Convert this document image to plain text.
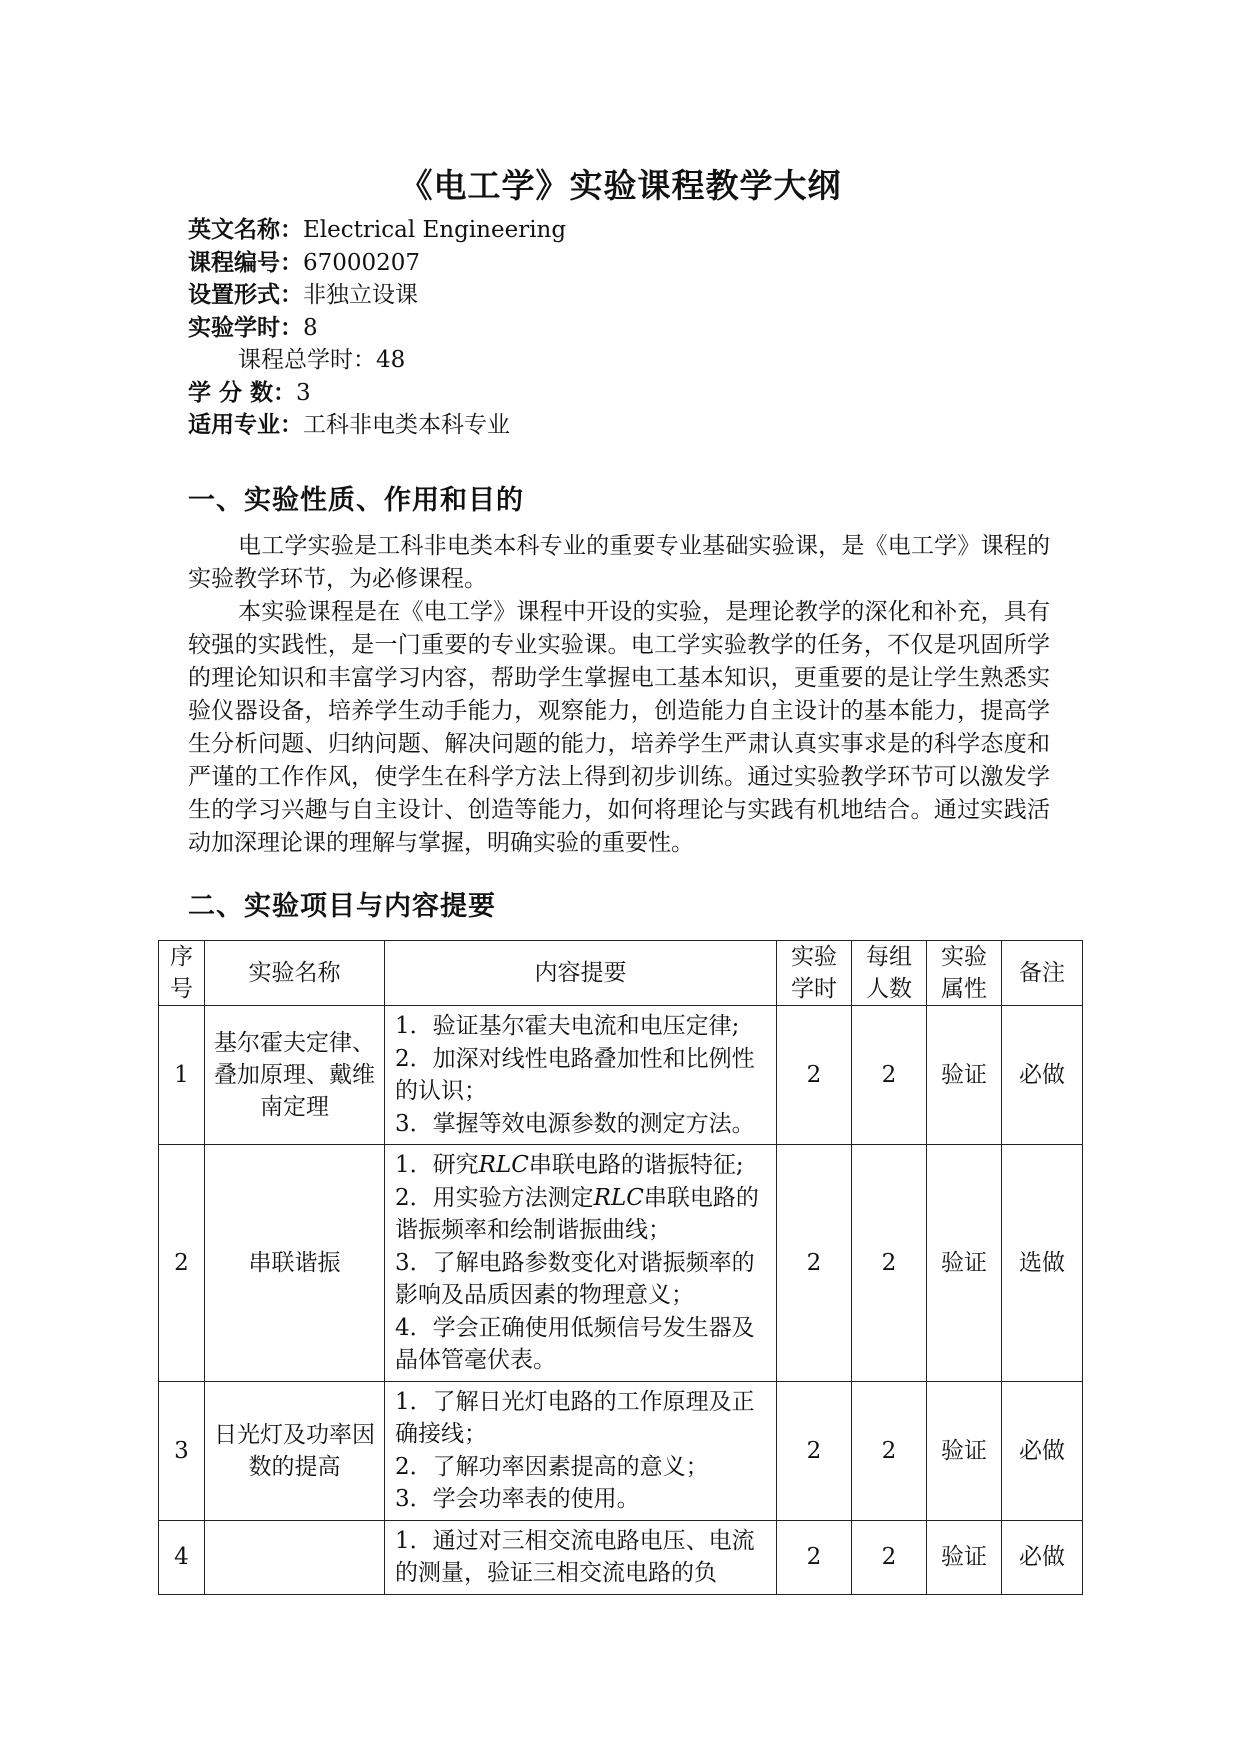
《电工学》实验课程教学大纲
英文名称：Electrical Engineering
课程编号：67000207
设置形式：非独立设课
实验学时：8
课程总学时：48
学 分 数：3
适用专业：工科非电类本科专业
一、实验性质、作用和目的

电工学实验是工科非电类本科专业的重要专业基础实验课，是《电工学》课程的实验教学环节，为必修课程。

本实验课程是在《电工学》课程中开设的实验，是理论教学的深化和补充，具有较强的实践性，是一门重要的专业实验课。电工学实验教学的任务，不仅是巩固所学的理论知识和丰富学习内容，帮助学生掌握电工基本知识，更重要的是让学生熟悉实验仪器设备，培养学生动手能力，观察能力，创造能力自主设计的基本能力，提高学生分析问题、归纳问题、解决问题的能力，培养学生严肃认真实事求是的科学态度和严谨的工作作风，使学生在科学方法上得到初步训练。通过实验教学环节可以激发学生的学习兴趣与自主设计、创造等能力，如何将理论与实践有机地结合。通过实践活动加深理论课的理解与掌握，明确实验的重要性。

二、实验项目与内容提要
序号	实验名称	内容提要	实验学时	每组人数	实验属性	备注
1	基尔霍夫定律、叠加原理、戴维南定理	1．验证基尔霍夫电流和电压定律;
2．加深对线性电路叠加性和比例性的认识；
3．掌握等效电源参数的测定方法。	2	2	验证	必做
2	串联谐振	1．研究RLC串联电路的谐振特征;
2．用实验方法测定RLC串联电路的谐振频率和绘制谐振曲线；
3．了解电路参数变化对谐振频率的影响及品质因素的物理意义；
4．学会正确使用低频信号发生器及晶体管毫伏表。	2	2	验证	选做
3	日光灯及功率因数的提高	1．了解日光灯电路的工作原理及正确接线；
2．了解功率因素提高的意义；
3．学会功率表的使用。	2	2	验证	必做
4		1．通过对三相交流电路电压、电流的测量，验证三相交流电路的负	2	2	验证	必做
